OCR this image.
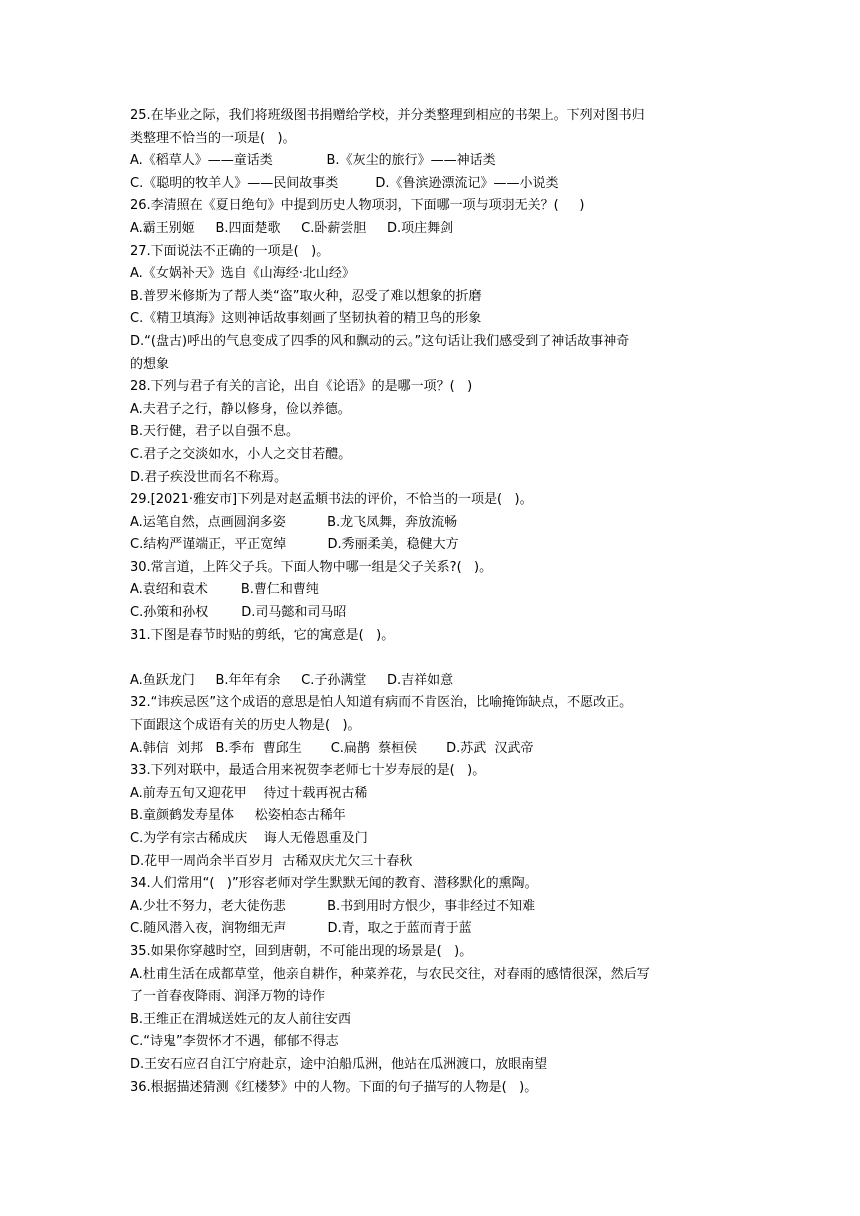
25.在毕业之际，我们将班级图书捐赠给学校，并分类整理到相应的书架上。下列对图书归
类整理不恰当的一项是(   )。
A.《稻草人》——童话类             B.《灰尘的旅行》——神话类
C.《聪明的牧羊人》——民间故事类         D.《鲁滨逊漂流记》——小说类
26.李清照在《夏日绝句》中提到历史人物项羽，下面哪一项与项羽无关？(     )
A.霸王别姬     B.四面楚歌     C.卧薪尝胆     D.项庄舞剑
27.下面说法不正确的一项是(   )。
A.《女娲补天》选自《山海经·北山经》
B.普罗米修斯为了帮人类“盗”取火种，忍受了难以想象的折磨
C.《精卫填海》这则神话故事刻画了坚韧执着的精卫鸟的形象
D.“(盘古)呼出的气息变成了四季的风和飘动的云。”这句话让我们感受到了神话故事神奇
的想象
28.下列与君子有关的言论，出自《论语》的是哪一项？(   )
A.夫君子之行，静以修身，俭以养德。
B.天行健，君子以自强不息。
C.君子之交淡如水，小人之交甘若醴。
D.君子疾没世而名不称焉。
29.[2021·雅安市]下列是对赵孟頫书法的评价，不恰当的一项是(   )。
A.运笔自然，点画圆润多姿          B.龙飞凤舞，奔放流畅
C.结构严谨端正，平正宽绰          D.秀丽柔美，稳健大方
30.常言道，上阵父子兵。下面人物中哪一组是父子关系?(   )。
A.袁绍和袁术        B.曹仁和曹纯
C.孙策和孙权        D.司马懿和司马昭
31.下图是春节时贴的剪纸，它的寓意是(   )。
A.鱼跃龙门     B.年年有余     C.子孙满堂     D.吉祥如意
32.“讳疾忌医”这个成语的意思是怕人知道有病而不肯医治，比喻掩饰缺点，不愿改正。
下面跟这个成语有关的历史人物是(   )。
A.韩信  刘邦   B.季布  曹邱生       C.扁鹊  蔡桓侯       D.苏武  汉武帝
33.下列对联中，最适合用来祝贺李老师七十岁寿辰的是(   )。
A.前寿五旬又迎花甲    待过十载再祝古稀
B.童颜鹤发寿星体     松姿柏态古稀年
C.为学有宗古稀成庆    诲人无倦恩重及门
D.花甲一周尚余半百岁月  古稀双庆尤欠三十春秋
34.人们常用“(   )”形容老师对学生默默无闻的教育、潜移默化的熏陶。
A.少壮不努力，老大徒伤悲          B.书到用时方恨少，事非经过不知难
C.随风潜入夜，润物细无声          D.青，取之于蓝而青于蓝
35.如果你穿越时空，回到唐朝，不可能出现的场景是(   )。
A.杜甫生活在成都草堂，他亲自耕作，种菜养花，与农民交往，对春雨的感情很深，然后写
了一首春夜降雨、润泽万物的诗作
B.王维正在渭城送姓元的友人前往安西
C.“诗鬼”李贺怀才不遇，郁郁不得志
D.王安石应召自江宁府赴京，途中泊船瓜洲，他站在瓜洲渡口，放眼南望
36.根据描述猜测《红楼梦》中的人物。下面的句子描写的人物是(   )。
